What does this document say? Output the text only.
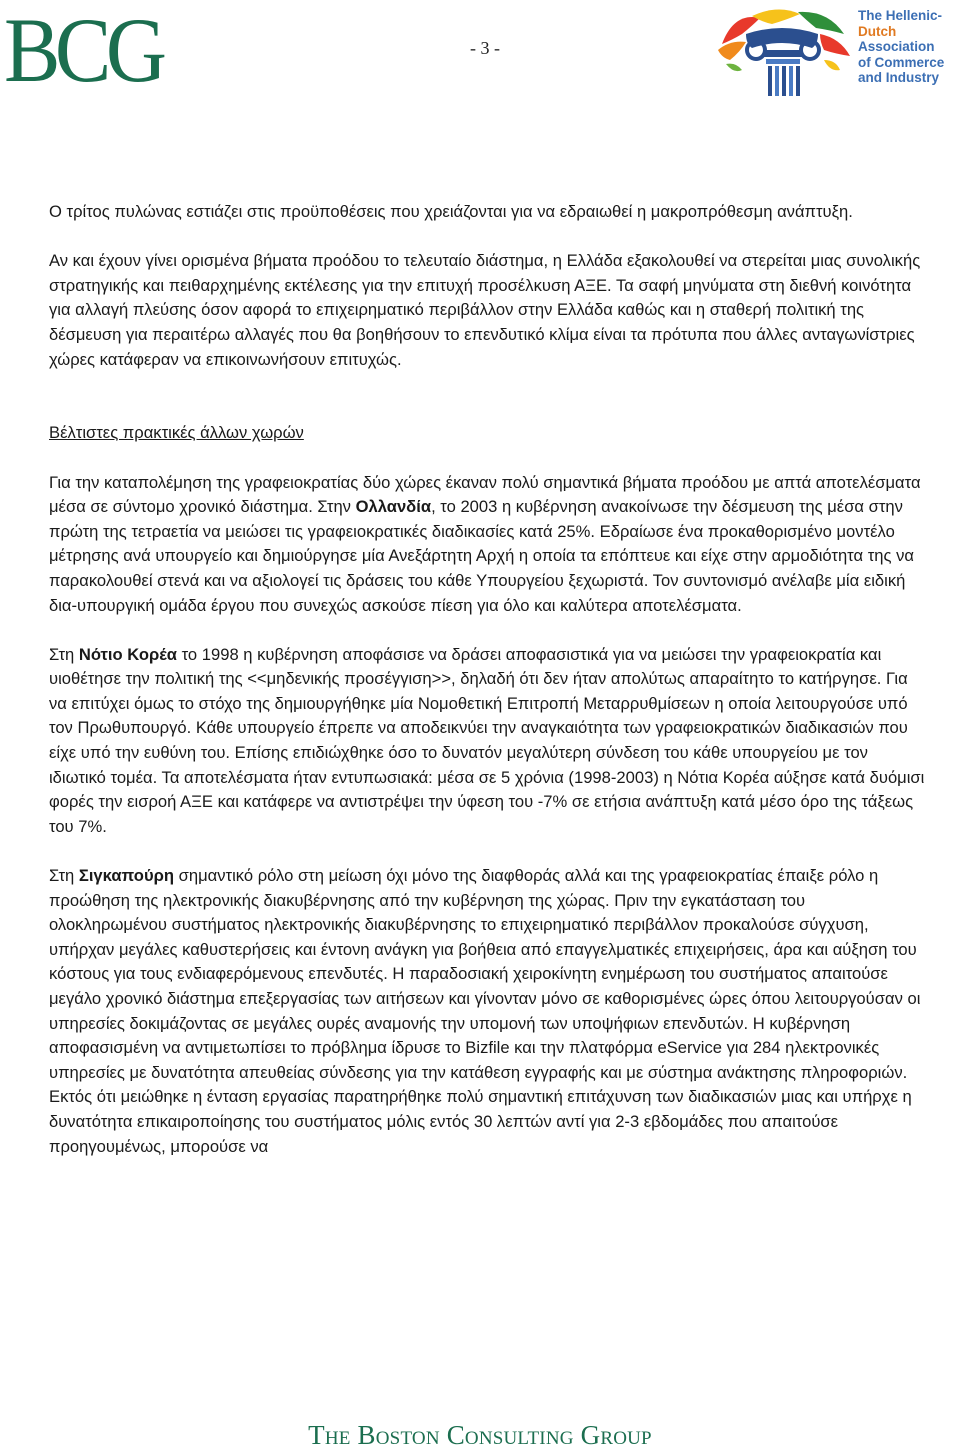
BCG	- 3 -
The Hellenic-
Dutch
Association
of Commerce
and Industry

Ο τρίτος πυλώνας εστιάζει στις προϋποθέσεις που χρειάζονται για να εδραιωθεί η μακροπρόθεσμη ανάπτυξη.

Αν και έχουν γίνει ορισμένα βήματα προόδου το τελευταίο διάστημα, η Ελλάδα εξακολουθεί να στερείται μιας συνολικής στρατηγικής και πειθαρχημένης εκτέλεσης για την επιτυχή προσέλκυση ΑΞΕ. Τα σαφή μηνύματα στη διεθνή κοινότητα για αλλαγή πλεύσης όσον αφορά το επιχειρηματικό περιβάλλον στην Ελλάδα καθώς και η σταθερή πολιτική της δέσμευση για περαιτέρω αλλαγές που θα βοηθήσουν το επενδυτικό κλίμα είναι τα πρότυπα που άλλες ανταγωνίστριες χώρες κατάφεραν να επικοινωνήσουν επιτυχώς.

Βέλτιστες πρακτικές άλλων χωρών

Για την καταπολέμηση της γραφειοκρατίας δύο χώρες έκαναν πολύ σημαντικά βήματα προόδου με απτά αποτελέσματα μέσα σε σύντομο χρονικό διάστημα. Στην Ολλανδία, το 2003 η κυβέρνηση ανακοίνωσε την δέσμευση της μέσα στην πρώτη της τετραετία να μειώσει τις γραφειοκρατικές διαδικασίες κατά 25%. Εδραίωσε ένα προκαθορισμένο μοντέλο μέτρησης ανά υπουργείο και δημιούργησε μία Ανεξάρτητη Αρχή η οποία τα επόπτευε και είχε στην αρμοδιότητα της να παρακολουθεί στενά και να αξιολογεί τις δράσεις του κάθε Υπουργείου ξεχωριστά. Τον συντονισμό ανέλαβε μία ειδική δια-υπουργική ομάδα έργου που συνεχώς ασκούσε πίεση για όλο και καλύτερα αποτελέσματα.

Στη Νότιο Κορέα το 1998 η κυβέρνηση αποφάσισε να δράσει αποφασιστικά για να μειώσει την γραφειοκρατία και υιοθέτησε την πολιτική της <<μηδενικής προσέγγιση>>, δηλαδή ότι δεν ήταν απολύτως απαραίτητο το κατήργησε. Για να επιτύχει όμως το στόχο της δημιουργήθηκε μία Νομοθετική Επιτροπή Μεταρρυθμίσεων η οποία λειτουργούσε υπό τον Πρωθυπουργό. Κάθε υπουργείο έπρεπε να αποδεικνύει την αναγκαιότητα των γραφειοκρατικών διαδικασιών που είχε υπό την ευθύνη του. Επίσης επιδιώχθηκε όσο το δυνατόν μεγαλύτερη σύνδεση του κάθε υπουργείου με τον ιδιωτικό τομέα. Τα αποτελέσματα ήταν εντυπωσιακά: μέσα σε 5 χρόνια (1998-2003) η Νότια Κορέα αύξησε κατά δυόμισι φορές την εισροή ΑΞΕ και κατάφερε να αντιστρέψει την ύφεση του -7% σε ετήσια ανάπτυξη κατά μέσο όρο της τάξεως του 7%.

Στη Σιγκαπούρη σημαντικό ρόλο στη μείωση όχι μόνο της διαφθοράς αλλά και της γραφειοκρατίας έπαιξε ρόλο η προώθηση της ηλεκτρονικής διακυβέρνησης από την κυβέρνηση της χώρας. Πριν την εγκατάσταση του ολοκληρωμένου συστήματος ηλεκτρονικής διακυβέρνησης το επιχειρηματικό περιβάλλον προκαλούσε σύγχυση, υπήρχαν μεγάλες καθυστερήσεις και έντονη ανάγκη για βοήθεια από επαγγελματικές επιχειρήσεις, άρα και αύξηση του κόστους για τους ενδιαφερόμενους επενδυτές. Η παραδοσιακή χειροκίνητη ενημέρωση του συστήματος απαιτούσε μεγάλο χρονικό διάστημα επεξεργασίας των αιτήσεων και γίνονταν μόνο σε καθορισμένες ώρες όπου λειτουργούσαν οι υπηρεσίες δοκιμάζοντας σε μεγάλες ουρές αναμονής την υπομονή των υποψήφιων επενδυτών. Η κυβέρνηση αποφασισμένη να αντιμετωπίσει το πρόβλημα ίδρυσε το Bizfile και την πλατφόρμα eService για 284 ηλεκτρονικές υπηρεσίες με δυνατότητα απευθείας σύνδεσης για την κατάθεση εγγραφής και με σύστημα ανάκτησης πληροφοριών. Εκτός ότι μειώθηκε η ένταση εργασίας παρατηρήθηκε πολύ σημαντική επιτάχυνση των διαδικασιών μιας και υπήρχε η δυνατότητα επικαιροποίησης του συστήματος μόλις εντός 30 λεπτών αντί για 2-3 εβδομάδες που απαιτούσε προηγουμένως, μπορούσε να

The Boston Consulting Group
